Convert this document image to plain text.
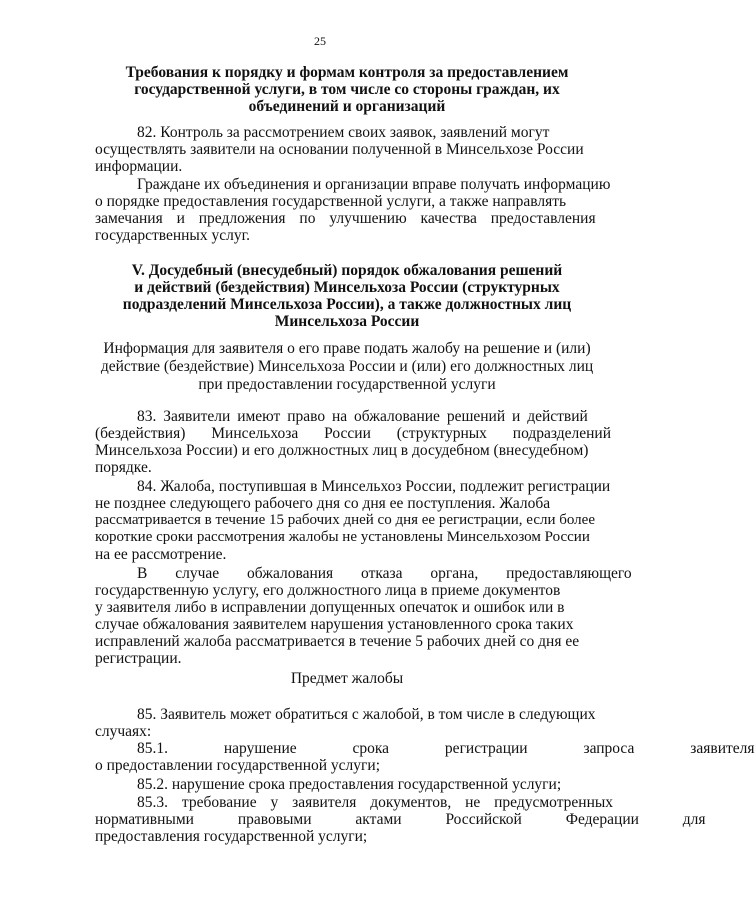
25
Требования к порядку и формам контроля за предоставлением
государственной услуги, в том числе со стороны граждан, их
объединений и организаций
82. Контроль за рассмотрением своих заявок, заявлений могут
осуществлять заявители на основании полученной в Минсельхозе России
информации.
Граждане их объединения и организации вправе получать информацию
о порядке предоставления государственной услуги, а также направлять
замечания и предложения по улучшению качества предоставления
государственных услуг.
V. Досудебный (внесудебный) порядок обжалования решений
и действий (бездействия) Минсельхоза России (структурных
подразделений Минсельхоза России), а также должностных лиц
Минсельхоза России
Информация для заявителя о его праве подать жалобу на решение и (или)
действие (бездействие) Минсельхоза России и (или) его должностных лиц
при предоставлении государственной услуги
83. Заявители имеют право на обжалование решений и действий
(бездействия) Минсельхоза России (структурных подразделений
Минсельхоза России) и его должностных лиц в досудебном (внесудебном)
порядке.
84. Жалоба, поступившая в Минсельхоз России, подлежит регистрации
не позднее следующего рабочего дня со дня ее поступления. Жалоба
рассматривается в течение 15 рабочих дней со дня ее регистрации, если более
короткие сроки рассмотрения жалобы не установлены Минсельхозом России
на ее рассмотрение.
В случае обжалования отказа органа, предоставляющего
государственную услугу, его должностного лица в приеме документов
у заявителя либо в исправлении допущенных опечаток и ошибок или в
случае обжалования заявителем нарушения установленного срока таких
исправлений жалоба рассматривается в течение 5 рабочих дней со дня ее
регистрации.
Предмет жалобы
85. Заявитель может обратиться с жалобой, в том числе в следующих
случаях:
85.1. нарушение срока регистрации запроса заявителя
о предоставлении государственной услуги;
85.2. нарушение срока предоставления государственной услуги;
85.3. требование у заявителя документов, не предусмотренных
нормативными правовыми актами Российской Федерации для
предоставления государственной услуги;
